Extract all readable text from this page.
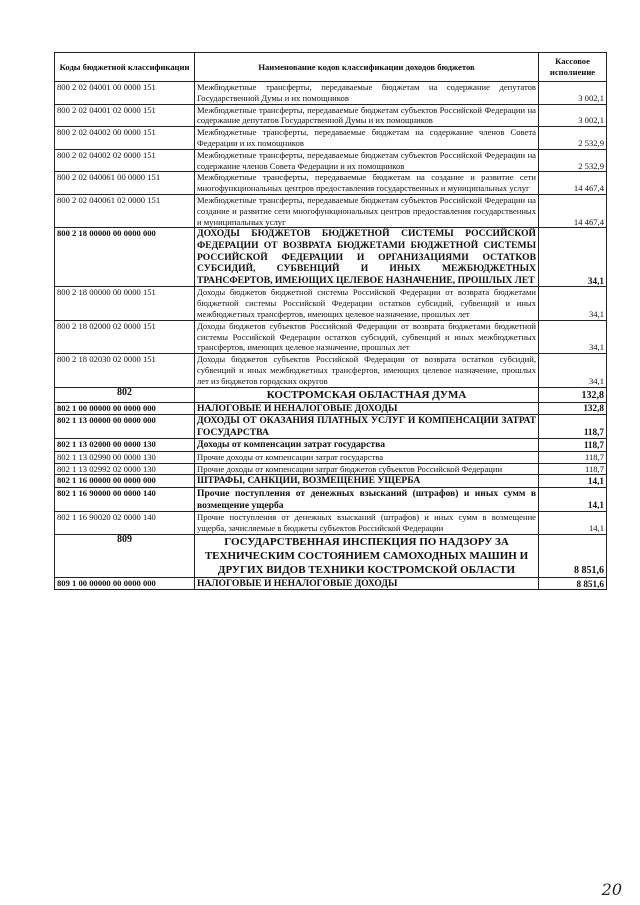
Коды бюджетной классификации	Наименование кодов классификации доходов бюджетов	Кассовое исполнение
800 2 02 04001 00 0000 151	Межбюджетные трансферты, передаваемые бюджетам на содержание депутатов Государственной Думы и их помощников	3 002,1
800 2 02 04001 02 0000 151	Межбюджетные трансферты, передаваемые бюджетам субъектов Российской Федерации на содержание депутатов Государственной Думы и их помощников	3 002,1
800 2 02 04002 00 0000 151	Межбюджетные трансферты, передаваемые бюджетам на содержание членов Совета Федерации и их помощников	2 532,9
800 2 02 04002 02 0000 151	Межбюджетные трансферты, передаваемые бюджетам субъектов Российской Федерации на содержание членов Совета Федерации и их помощников	2 532,9
800 2 02 040061 00 0000 151	Межбюджетные трансферты, передаваемые бюджетам на создание и развитие сети многофункциональных центров предоставления государственных и муниципальных услуг	14 467,4
800 2 02 040061 02 0000 151	Межбюджетные трансферты, передаваемые бюджетам субъектов Российской Федерации на создание и развитие сети многофункциональных центров предоставления государственных и муниципальных услуг	14 467,4
800 2 18 00000 00 0000 000	ДОХОДЫ БЮДЖЕТОВ БЮДЖЕТНОЙ СИСТЕМЫ РОССИЙСКОЙ ФЕДЕРАЦИИ ОТ ВОЗВРАТА БЮДЖЕТАМИ БЮДЖЕТНОЙ СИСТЕМЫ РОССИЙСКОЙ ФЕДЕРАЦИИ И ОРГАНИЗАЦИЯМИ ОСТАТКОВ СУБСИДИЙ, СУБВЕНЦИЙ И ИНЫХ МЕЖБЮДЖЕТНЫХ ТРАНСФЕРТОВ, ИМЕЮЩИХ ЦЕЛЕВОЕ НАЗНАЧЕНИЕ, ПРОШЛЫХ ЛЕТ	34,1
800 2 18 00000 00 0000 151	Доходы бюджетов бюджетной системы Российской Федерации от возврата бюджетами бюджетной системы Российской Федерации остатков субсидий, субвенций и иных межбюджетных трансфертов, имеющих целевое назначение, прошлых лет	34,1
800 2 18 02000 02 0000 151	Доходы бюджетов субъектов Российской Федерации от возврата бюджетами бюджетной системы Российской Федерации остатков субсидий, субвенций и иных межбюджетных трансфертов, имеющих целевое назначение, прошлых лет	34,1
800 2 18 02030 02 0000 151	Доходы бюджетов субъектов Российской Федерации от возврата остатков субсидий, субвенций и иных межбюджетных трансфертов, имеющих целевое назначение, прошлых лет из бюджетов городских округов	34,1
802	КОСТРОМСКАЯ ОБЛАСТНАЯ ДУМА	132,8
802 1 00 00000 00 0000 000	НАЛОГОВЫЕ И НЕНАЛОГОВЫЕ ДОХОДЫ	132,8
802 1 13 00000 00 0000 000	ДОХОДЫ ОТ ОКАЗАНИЯ ПЛАТНЫХ УСЛУГ И КОМПЕНСАЦИИ ЗАТРАТ ГОСУДАРСТВА	118,7
802 1 13 02000 00 0000 130	Доходы от компенсации затрат государства	118,7
802 1 13 02990 00 0000 130	Прочие доходы от компенсации затрат государства	118,7
802 1 13 02992 02 0000 130	Прочие доходы от компенсации затрат бюджетов субъектов Российской Федерации	118,7
802 1 16 00000 00 0000 000	ШТРАФЫ, САНКЦИИ, ВОЗМЕЩЕНИЕ УЩЕРБА	14,1
802 1 16 90000 00 0000 140	Прочие поступления от денежных взысканий (штрафов) и иных сумм в возмещение ущерба	14,1
802 1 16 90020 02 0000 140	Прочие поступления от денежных взысканий (штрафов) и иных сумм в возмещение ущерба, зачисляемые в бюджеты субъектов Российской Федерации	14,1
809	ГОСУДАРСТВЕННАЯ ИНСПЕКЦИЯ ПО НАДЗОРУ ЗА ТЕХНИЧЕСКИМ СОСТОЯНИЕМ САМОХОДНЫХ МАШИН И ДРУГИХ ВИДОВ ТЕХНИКИ КОСТРОМСКОЙ ОБЛАСТИ	8 851,6
809 1 00 00000 00 0000 000	НАЛОГОВЫЕ И НЕНАЛОГОВЫЕ ДОХОДЫ	8 851,6
20
